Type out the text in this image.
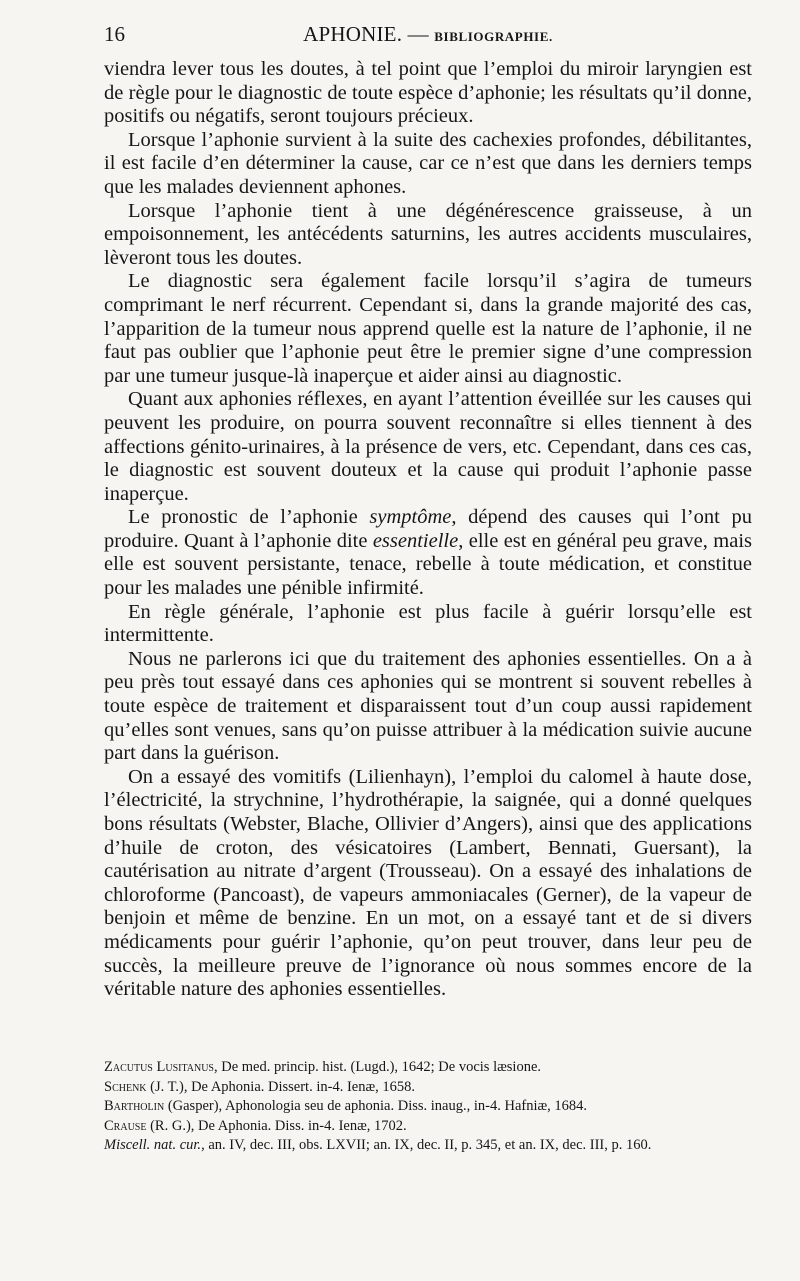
16	APHONIE. — BIBLIOGRAPHIE.

viendra lever tous les doutes, à tel point que l’emploi du miroir laryngien est de règle pour le diagnostic de toute espèce d’aphonie; les résultats qu’il donne, positifs ou négatifs, seront toujours précieux.

Lorsque l’aphonie survient à la suite des cachexies profondes, débilitantes, il est facile d’en déterminer la cause, car ce n’est que dans les derniers temps que les malades deviennent aphones.

Lorsque l’aphonie tient à une dégénérescence graisseuse, à un empoisonnement, les antécédents saturnins, les autres accidents musculaires, lèveront tous les doutes.

Le diagnostic sera également facile lorsqu’il s’agira de tumeurs comprimant le nerf récurrent. Cependant si, dans la grande majorité des cas, l’apparition de la tumeur nous apprend quelle est la nature de l’aphonie, il ne faut pas oublier que l’aphonie peut être le premier signe d’une compression par une tumeur jusque-là inaperçue et aider ainsi au diagnostic.

Quant aux aphonies réflexes, en ayant l’attention éveillée sur les causes qui peuvent les produire, on pourra souvent reconnaître si elles tiennent à des affections génito-urinaires, à la présence de vers, etc. Cependant, dans ces cas, le diagnostic est souvent douteux et la cause qui produit l’aphonie passe inaperçue.

Le pronostic de l’aphonie symptôme, dépend des causes qui l’ont pu produire. Quant à l’aphonie dite essentielle, elle est en général peu grave, mais elle est souvent persistante, tenace, rebelle à toute médication, et constitue pour les malades une pénible infirmité.

En règle générale, l’aphonie est plus facile à guérir lorsqu’elle est intermittente.

Nous ne parlerons ici que du traitement des aphonies essentielles. On a à peu près tout essayé dans ces aphonies qui se montrent si souvent rebelles à toute espèce de traitement et disparaissent tout d’un coup aussi rapidement qu’elles sont venues, sans qu’on puisse attribuer à la médication suivie aucune part dans la guérison.

On a essayé des vomitifs (Lilienhayn), l’emploi du calomel à haute dose, l’électricité, la strychnine, l’hydrothérapie, la saignée, qui a donné quelques bons résultats (Webster, Blache, Ollivier d’Angers), ainsi que des applications d’huile de croton, des vésicatoires (Lambert, Bennati, Guersant), la cautérisation au nitrate d’argent (Trousseau). On a essayé des inhalations de chloroforme (Pancoast), de vapeurs ammoniacales (Gerner), de la vapeur de benjoin et même de benzine. En un mot, on a essayé tant et de si divers médicaments pour guérir l’aphonie, qu’on peut trouver, dans leur peu de succès, la meilleure preuve de l’ignorance où nous sommes encore de la véritable nature des aphonies essentielles.

Zacutus Lusitanus, De med. princip. hist. (Lugd.), 1642; De vocis læsione.

Schenk (J. T.), De Aphonia. Dissert. in-4. Ienæ, 1658.

Bartholin (Gasper), Aphonologia seu de aphonia. Diss. inaug., in-4. Hafniæ, 1684.

Crause (R. G.), De Aphonia. Diss. in-4. Ienæ, 1702.

Miscell. nat. cur., an. IV, dec. III, obs. LXVII; an. IX, dec. II, p. 345, et an. IX, dec. III, p. 160.
